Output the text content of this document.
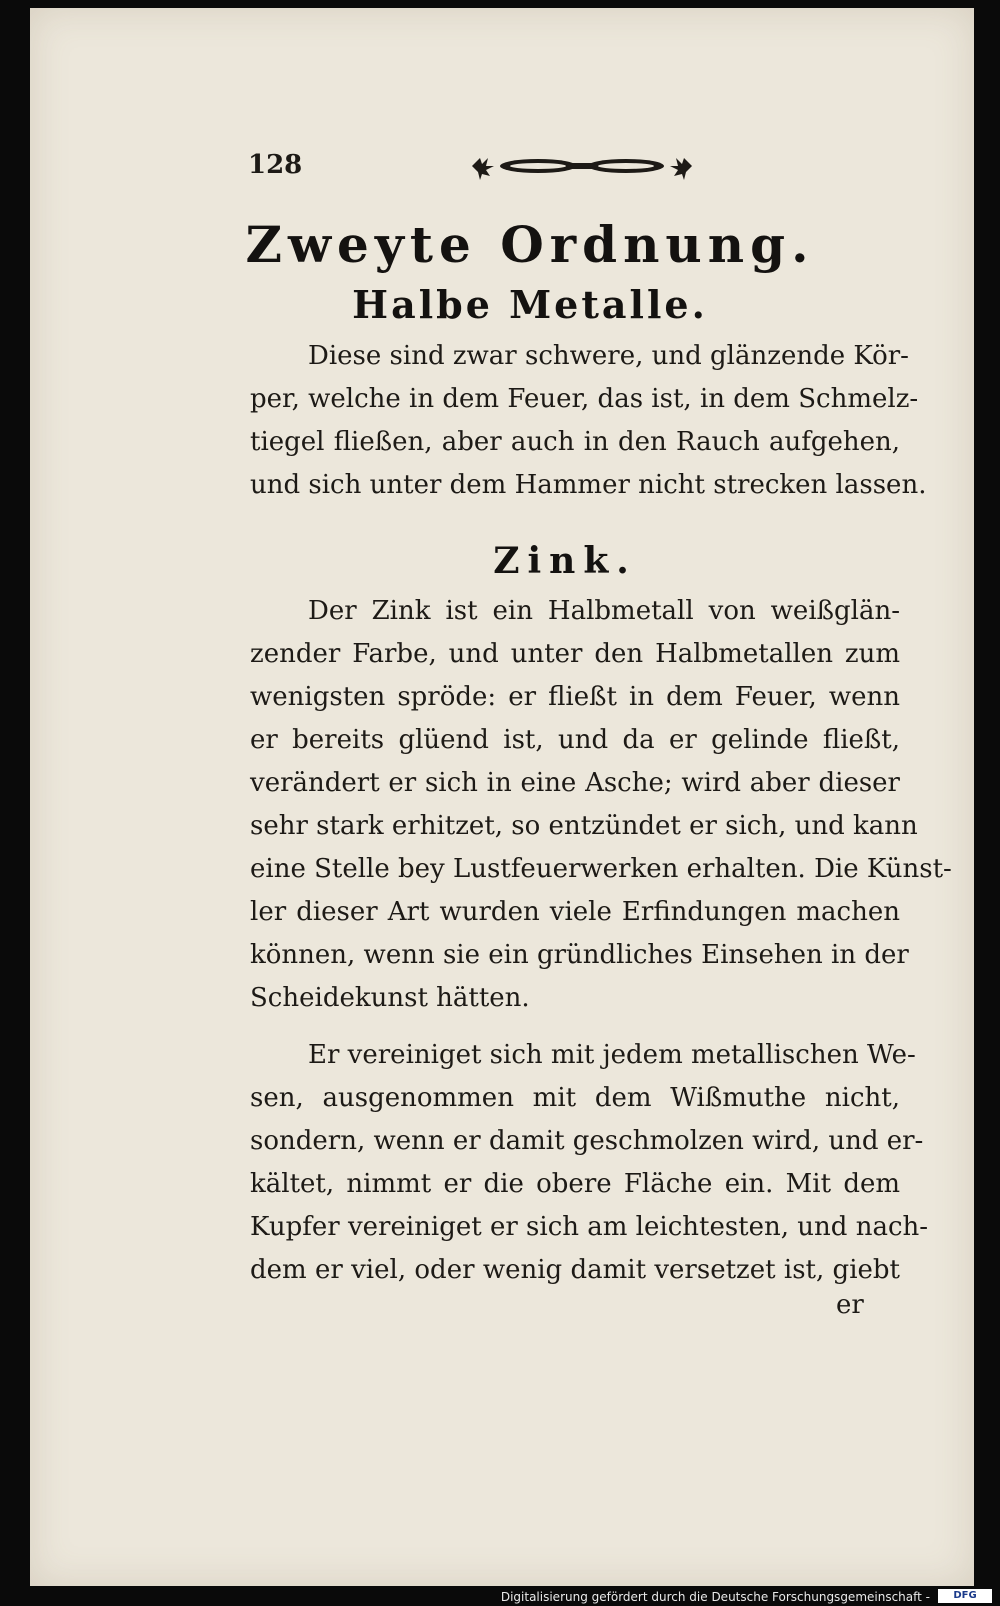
128
Zweyte Ordnung.
Halbe Metalle.

Diese sind zwar schwere, und glänzende Kör-
per, welche in dem Feuer, das ist, in dem Schmelz-
tiegel fließen, aber auch in den Rauch aufgehen,
und sich unter dem Hammer nicht strecken lassen.

Zink.

Der Zink ist ein Halbmetall von weißglän-
zender Farbe, und unter den Halbmetallen zum
wenigsten spröde: er fließt in dem Feuer, wenn
er bereits glüend ist, und da er gelinde fließt,
verändert er sich in eine Asche; wird aber dieser
sehr stark erhitzet, so entzündet er sich, und kann
eine Stelle bey Lustfeuerwerken erhalten. Die Künst-
ler dieser Art wurden viele Erfindungen machen
können, wenn sie ein gründliches Einsehen in der
Scheidekunst hätten.

Er vereiniget sich mit jedem metallischen We-
sen, ausgenommen mit dem Wißmuthe nicht,
sondern, wenn er damit geschmolzen wird, und er-
kältet, nimmt er die obere Fläche ein. Mit dem
Kupfer vereiniget er sich am leichtesten, und nach-
dem er viel, oder wenig damit versetzet ist, giebt

er
Digitalisierung gefördert durch die Deutsche Forschungsgemeinschaft -	DFG
